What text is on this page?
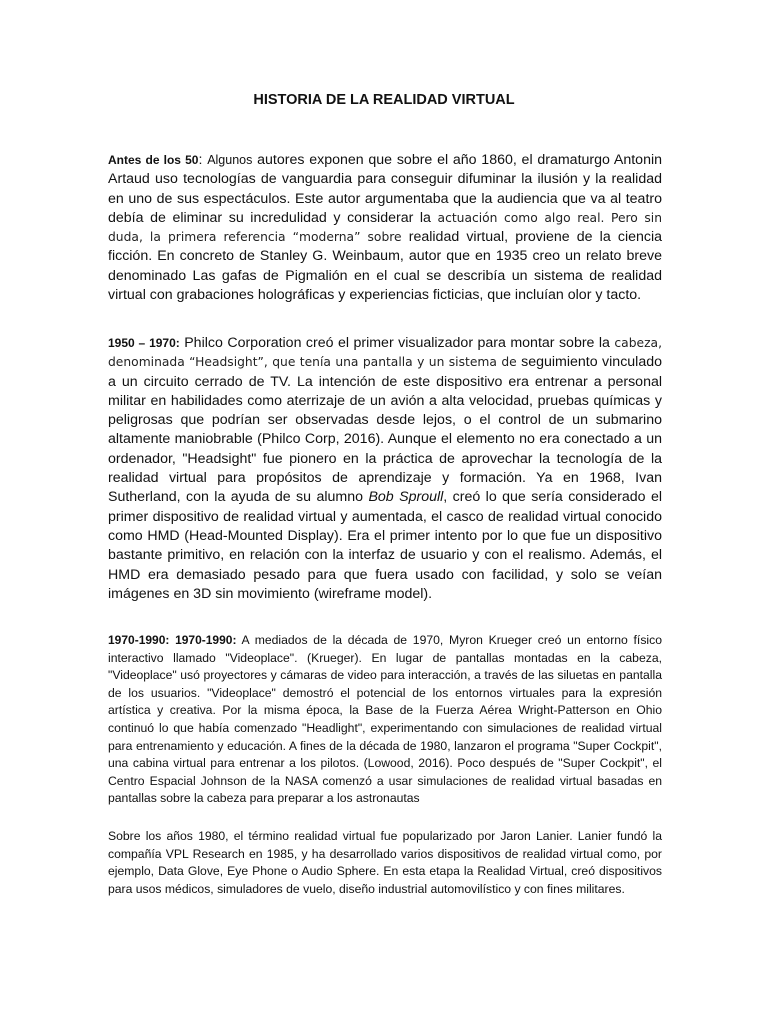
HISTORIA DE LA REALIDAD VIRTUAL

Antes de los 50: Algunos autores exponen que sobre el año 1860, el dramaturgo Antonin Artaud uso tecnologías de vanguardia para conseguir difuminar la ilusión y la realidad en uno de sus espectáculos. Este autor argumentaba que la audiencia que va al teatro debía de eliminar su incredulidad y considerar la actuación como algo real. Pero sin duda, la primera referencia “moderna” sobre realidad virtual, proviene de la ciencia ficción. En concreto de Stanley G. Weinbaum, autor que en 1935 creo un relato breve denominado Las gafas de Pigmalión en el cual se describía un sistema de realidad virtual con grabaciones holográficas y experiencias ficticias, que incluían olor y tacto.

1950 – 1970: Philco Corporation creó el primer visualizador para montar sobre la cabeza, denominada “Headsight”, que tenía una pantalla y un sistema de seguimiento vinculado a un circuito cerrado de TV. La intención de este dispositivo era entrenar a personal militar en habilidades como aterrizaje de un avión a alta velocidad, pruebas químicas y peligrosas que podrían ser observadas desde lejos, o el control de un submarino altamente maniobrable (Philco Corp, 2016). Aunque el elemento no era conectado a un ordenador, "Headsight" fue pionero en la práctica de aprovechar la tecnología de la realidad virtual para propósitos de aprendizaje y formación. Ya en 1968, Ivan Sutherland, con la ayuda de su alumno Bob Sproull, creó lo que sería considerado el primer dispositivo de realidad virtual y aumentada, el casco de realidad virtual conocido como HMD (Head-Mounted Display). Era el primer intento por lo que fue un dispositivo bastante primitivo, en relación con la interfaz de usuario y con el realismo. Además, el HMD era demasiado pesado para que fuera usado con facilidad, y solo se veían imágenes en 3D sin movimiento (wireframe model).

1970-1990: 1970-1990: A mediados de la década de 1970, Myron Krueger creó un entorno físico interactivo llamado "Videoplace". (Krueger). En lugar de pantallas montadas en la cabeza, "Videoplace" usó proyectores y cámaras de video para interacción, a través de las siluetas en pantalla de los usuarios. "Videoplace" demostró el potencial de los entornos virtuales para la expresión artística y creativa. Por la misma época, la Base de la Fuerza Aérea Wright-Patterson en Ohio continuó lo que había comenzado "Headlight", experimentando con simulaciones de realidad virtual para entrenamiento y educación. A fines de la década de 1980, lanzaron el programa "Super Cockpit", una cabina virtual para entrenar a los pilotos. (Lowood, 2016). Poco después de "Super Cockpit", el Centro Espacial Johnson de la NASA comenzó a usar simulaciones de realidad virtual basadas en pantallas sobre la cabeza para preparar a los astronautas

Sobre los años 1980, el término realidad virtual fue popularizado por Jaron Lanier. Lanier fundó la compañía VPL Research en 1985, y ha desarrollado varios dispositivos de realidad virtual como, por ejemplo, Data Glove, Eye Phone o Audio Sphere. En esta etapa la Realidad Virtual, creó dispositivos para usos médicos, simuladores de vuelo, diseño industrial automovilístico y con fines militares.
